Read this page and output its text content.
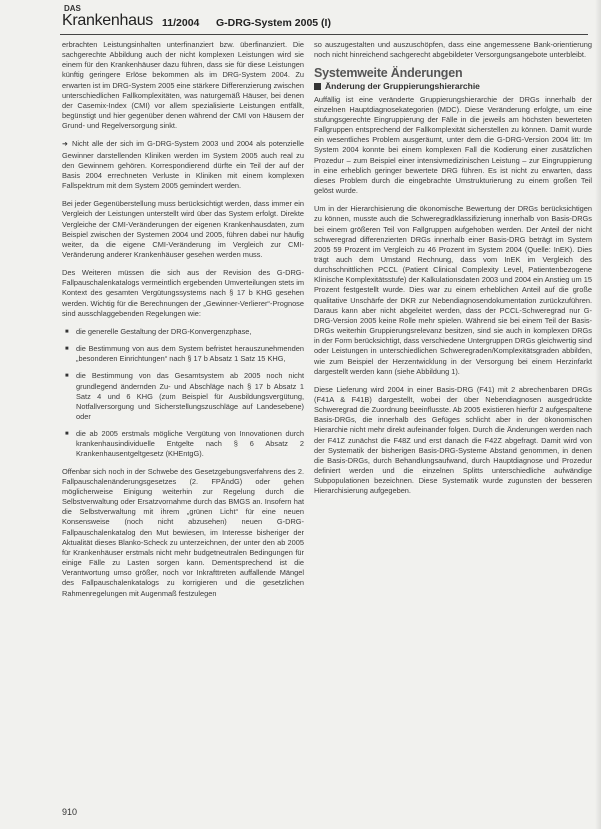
DAS
Krankenhaus 11/2004 G-DRG-System 2005 (I)

erbrachten Leistungsinhalten unterfinanziert bzw. überfinanziert. Die sachgerechte Abbildung auch der nicht komplexen Leistungen wird sie einem für den Krankenhäuser dazu führen, dass sie für diese Leistungen künftig geringere Erlöse bekommen als im DRG-System 2004. Zu erwarten ist im DRG-System 2005 eine stärkere Differenzierung zwischen unterschiedlichen Fallkomplexitäten, was naturgemäß Häuser, bei denen der Casemix-Index (CMI) vor allem spezialisierte Leistungen entfällt, begünstigt und hier gegenüber denen während der CMI von Häusern der Grund- und Regelversorgung sinkt.

➜ Nicht alle der sich im G-DRG-System 2003 und 2004 als potenzielle Gewinner darstellenden Kliniken werden im System 2005 auch real zu den Gewinnern gehören. Korrespondierend dürfte ein Teil der auf der Basis 2004 errechneten Verluste in Kliniken mit einem komplexen Fallspektrum mit dem System 2005 gemindert werden.

Bei jeder Gegenüberstellung muss berücksichtigt werden, dass immer ein Vergleich der Leistungen unterstellt wird über das System erfolgt. Direkte Vergleiche der CMI-Veränderungen der eigenen Krankenhausdaten, zum Beispiel zwischen der Systemen 2004 und 2005, führen dabei nur häufig weiter, da die eigene CMI-Veränderung im Vergleich zur CMI-Veränderung anderer Krankenhäuser gesehen werden muss.

Des Weiteren müssen die sich aus der Revision des G-DRG-Fallpauschalenkatalogs vermeintlich ergebenden Umverteilungen stets im Kontext des gesamten Vergütungssystems nach § 17 b KHG gesehen werden. Wichtig für die Berechnungen der „Gewinner-Verlierer“-Prognose sind ausschlaggebenden Regelungen wie:

■ die generelle Gestaltung der DRG-Konvergenzphase,
■ die Bestimmung von aus dem System befristet herauszunehmenden „besonderen Einrichtungen“ nach § 17 b Absatz 1 Satz 15 KHG,
■ die Bestimmung von das Gesamtsystem ab 2005 noch nicht grundlegend ändernden Zu- und Abschläge nach § 17 b Absatz 1 Satz 4 und 6 KHG (zum Beispiel für Ausbildungsvergütung, Notfallversorgung und Sicherstellungszuschläge auf Landesebene) oder
■ die ab 2005 erstmals mögliche Vergütung von Innovationen durch krankenhausindividuelle Entgelte nach § 6 Absatz 2 Krankenhausentgeltgesetz (KHEntgG).

Offenbar sich noch in der Schwebe des Gesetzgebungsverfahrens des 2. Fallpauschalenänderungsgesetzes (2. FPÄndG) oder gehen möglicherweise Einigung weiterhin zur Regelung durch die Selbstverwaltung oder Ersatzvornahme durch das BMGS an. Insofern hat die Selbstverwaltung mit ihrem „grünen Licht“ für eine neuen Konsensweise (noch nicht abzusehen) neuen G-DRG-Fallpauschalenkatalog den Mut bewiesen, im Interesse bisheriger der Aktualität dieses Blanko-Scheck zu unterzeichnen, der unter den ab 2005 für Krankenhäuser erstmals nicht mehr budgetneutralen Bedingungen für einige Fälle zu Lasten sorgen kann. Dementsprechend ist die Verantwortung umso größer, noch vor Inkrafttreten auffallende Mängel des Fallpauschalenkatalogs zu korrigieren und die gesetzlichen Rahmenregelungen mit Augenmaß festzulegen

so auszugestalten und auszuschöpfen, dass eine angemessene Bank-orientierung noch nicht hinreichend sachgerecht abgebildeter Versorgungsangebote unterbleibt.

Systemweite Änderungen
Änderung der Gruppierungshierarchie

Auffällig ist eine veränderte Gruppierungshierarchie der DRGs innerhalb der einzelnen Hauptdiagnosekategorien (MDC). Diese Veränderung erfolgte, um eine stufungsgerechte Eingruppierung der Fälle in die jeweils am höchsten bewerteten Fallgruppen entsprechend der Fallkomplexität sicherstellen zu können. Damit wurde ein wesentliches Problem ausgeräumt, unter dem die G-DRG-Version 2004 litt: Im System 2004 konnte bei einem komplexen Fall die Kodierung einer zusätzlichen Prozedur – zum Beispiel einer intensivmedizinischen Leistung – zur Eingruppierung in eine erheblich geringer bewertete DRG führen. Es ist nicht zu erwarten, dass dieses Problem durch die eingebrachte Umstrukturierung zu einem großen Teil gelöst wurde.

Um in der Hierarchisierung die ökonomische Bewertung der DRGs berücksichtigen zu können, musste auch die Schweregradklassifizierung innerhalb von Basis-DRGs bei einem größeren Teil von Fallgruppen aufgehoben werden. Der Anteil der nicht schweregrad differenzierten DRGs innerhalb einer Basis-DRG beträgt im System 2005 59 Prozent im Vergleich zu 46 Prozent im System 2004 (Quelle: InEK). Dies trägt auch dem Umstand Rechnung, dass vom InEK im Vergleich des durchschnittlichen PCCL (Patient Clinical Complexity Level, Patientenbezogene Klinische Komplexitätsstufe) der Kalkulationsdaten 2003 und 2004 ein Anstieg um 15 Prozent festgestellt wurde. Dies war zu einem erheblichen Anteil auf die große qualitative Unschärfe der DKR zur Nebendiagnosendokumentation zurückzuführen. Daraus kann aber nicht abgeleitet werden, dass der PCCL-Schweregrad nur G-DRG-Version 2005 keine Rolle mehr spielen. Während sie bei einem Teil der Basis-DRGs weiterhin Gruppierungsrelevanz besitzen, sind sie auch in komplexen DRGs in der Form berücksichtigt, dass verschiedene Untergruppen DRGs gleichwertig sind oder Leistungen in unterschiedlichen Schweregraden/Komplexitätsgraden abbilden, wie zum Beispiel der Herzentwicklung in der Versorgung bei einem Herzinfarkt dargestellt werden kann (siehe Abbildung 1).

Diese Lieferung wird 2004 in einer Basis-DRG (F41) mit 2 abrechenbaren DRGs (F41A & F41B) dargestellt, wobei der über Nebendiagnosen ausgedrückte Schweregrad die Zuordnung beeinflusste. Ab 2005 existieren hierfür 2 aufgespaltene Basis-DRGs, die innerhalb des Gefüges schlicht aber in der ökonomischen Hierarchie nicht mehr direkt aufeinander folgen. Durch die Änderungen werden nach der F41Z zunächst die F48Z und erst danach die F42Z abgefragt. Damit wird von der Systematik der bisherigen Basis-DRG-Systeme Abstand genommen, in denen die Basis-DRGs, durch Behandlungsaufwand, durch Hauptdiagnose und Prozedur definiert werden und die einzelnen Splitts unterschiedliche aufwändige Subpopulationen bezeichnen. Diese Systematik wurde zugunsten der besseren Hierarchisierung aufgegeben.

910
